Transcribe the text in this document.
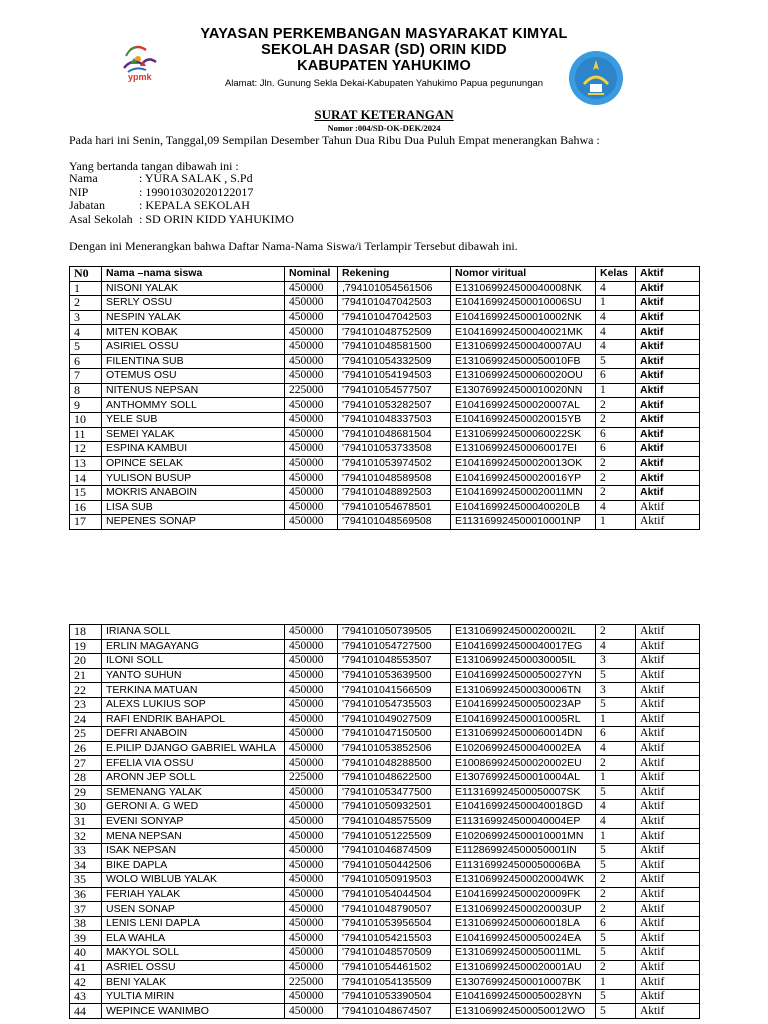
ypmk
YAYASAN PERKEMBANGAN MASYARAKAT KIMYAL
SEKOLAH DASAR (SD) ORIN KIDD
KABUPATEN YAHUKIMO
Alamat: Jln. Gunung Sekla Dekai-Kabupaten Yahukimo Papua pegunungan
SURAT KETERANGAN
Nomor :004/SD-OK-DEK/2024
Pada hari ini Senin, Tanggal,09 Sempilan Desember Tahun Dua Ribu Dua Puluh Empat menerangkan Bahwa :
Yang bertanda tangan dibawah ini :
Nama	: YURA SALAK , S.Pd
NIP	: 199010302020122017
Jabatan	: KEPALA SEKOLAH
Asal Sekolah : SD ORIN KIDD YAHUKIMO
Dengan ini Menerangkan bahwa Daftar Nama-Nama Siswa/i Terlampir Tersebut dibawah ini.
N0	Nama –nama siswa	Nominal	Rekening	Nomor viritual	Kelas	Aktif
1	NISONI YALAK	450000	,794101054561506	E131069924500040008NK	4	Aktif
2	SERLY OSSU	450000	'794101047042503	E104169924500010006SU	1	Aktif
3	NESPIN YALAK	450000	'794101047042503	E104169924500010002NK	4	Aktif
4	MITEN KOBAK	450000	'794101048752509	E104169924500040021MK	4	Aktif
5	ASIRIEL OSSU	450000	'794101048581500	E131069924500040007AU	4	Aktif
6	FILENTINA SUB	450000	'794101054332509	E131069924500050010FB	5	Aktif
7	OTEMUS OSU	450000	'794101054194503	E131069924500060020OU	6	Aktif
8	NITENUS NEPSAN	225000	'794101054577507	E130769924500010020NN	1	Aktif
9	ANTHOMMY SOLL	450000	'794101053282507	E104169924500020007AL	2	Aktif
10	YELE SUB	450000	'794101048337503	E104169924500020015YB	2	Aktif
11	SEMEI YALAK	450000	'794101048681504	E131069924500060022SK	6	Aktif
12	ESPINA KAMBUI	450000	'794101053733508	E131069924500060017EI	6	Aktif
13	OPINCE SELAK	450000	'794101053974502	E104169924500020013OK	2	Aktif
14	YULISON BUSUP	450000	'794101048589508	E104169924500020016YP	2	Aktif
15	MOKRIS ANABOIN	450000	'794101048892503	E104169924500020011MN	2	Aktif
16	LISA SUB	450000	'794101054678501	E104169924500040020LB	4	Aktif
17	NEPENES SONAP	450000	'794101048569508	E113169924500010001NP	1	Aktif
18	IRIANA SOLL	450000	'794101050739505	E131069924500020002IL	2	Aktif
19	ERLIN MAGAYANG	450000	'794101054727500	E104169924500040017EG	4	Aktif
20	ILONI SOLL	450000	'794101048553507	E131069924500030005IL	3	Aktif
21	YANTO SUHUN	450000	'794101053639500	E104169924500050027YN	5	Aktif
22	TERKINA MATUAN	450000	'794101041566509	E131069924500030006TN	3	Aktif
23	ALEXS LUKIUS SOP	450000	'794101054735503	E104169924500050023AP	5	Aktif
24	RAFI ENDRIK BAHAPOL	450000	'794101049027509	E104169924500010005RL	1	Aktif
25	DEFRI ANABOIN	450000	'794101047150500	E131069924500060014DN	6	Aktif
26	E.PILIP DJANGO GABRIEL WAHLA	450000	'794101053852506	E102069924500040002EA	4	Aktif
27	EFELIA VIA OSSU	450000	'794101048288500	E100869924500020002EU	2	Aktif
28	ARONN JEP SOLL	225000	'794101048622500	E130769924500010004AL	1	Aktif
29	SEMENANG YALAK	450000	'794101053477500	E113169924500050007SK	5	Aktif
30	GERONI A. G WED	450000	'794101050932501	E104169924500040018GD	4	Aktif
31	EVENI SONYAP	450000	'794101048575509	E113169924500040004EP	4	Aktif
32	MENA NEPSAN	450000	'794101051225509	E102069924500010001MN	1	Aktif
33	ISAK NEPSAN	450000	'794101046874509	E112869924500050001IN	5	Aktif
34	BIKE DAPLA	450000	'794101050442506	E113169924500050006BA	5	Aktif
35	WOLO WIBLUB YALAK	450000	'794101050919503	E131069924500020004WK	2	Aktif
36	FERIAH YALAK	450000	'794101054044504	E104169924500020009FK	2	Aktif
37	USEN SONAP	450000	'794101048790507	E131069924500020003UP	2	Aktif
38	LENIS LENI DAPLA	450000	'794101053956504	E131069924500060018LA	6	Aktif
39	ELA WAHLA	450000	'794101054215503	E104169924500050024EA	5	Aktif
40	MAKYOL SOLL	450000	'794101048570509	E131069924500050011ML	5	Aktif
41	ASRIEL OSSU	450000	'794101054461502	E131069924500020001AU	2	Aktif
42	BENI YALAK	225000	'794101054135509	E130769924500010007BK	1	Aktif
43	YULTIA MIRIN	450000	'794101053390504	E104169924500050028YN	5	Aktif
44	WEPINCE WANIMBO	450000	'794101048674507	E131069924500050012WO	5	Aktif
